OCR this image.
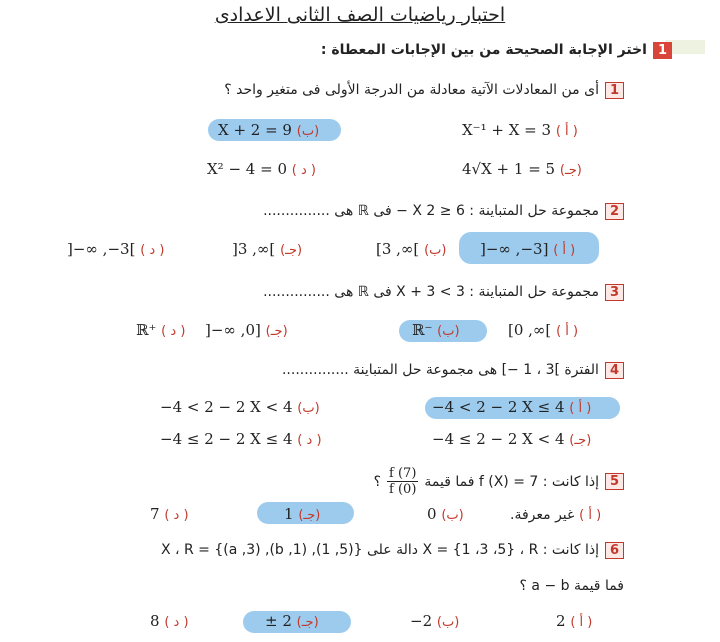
احتبار رياضيات الصف الثانى الاعدادى
1اختر الإجابة الصحيحة من بين الإجابات المعطاة :
1أى من المعادلات الآتية معادلة من الدرجة الأولى فى متغير واحد ؟
X⁻¹ + X = 3 ( أ )
X + 2 = 9 (ب)
4√X + 1 = 5 (جـ)
X² − 4 = 0 ( د )
2مجموعة حل المتباينة : 6 ≤ 2 X − فى ℝ هى ...............
]−∞ ,−3] ( أ )
[3 ,∞[ (ب)
]3 ,∞[ (جـ)
]−∞ ,−3[ ( د )
3مجموعة حل المتباينة : 3 > X + 3 فى ℝ هى ...............
[0 ,∞[ ( أ )
ℝ⁻ (ب)
]−∞ ,0] (جـ)
ℝ⁺ ( د )
4الفترة ]3 ، 1 −] هى مجموعة حل المتباينة ...............
−4 < 2 − 2 X ≤ 4 ( أ )
−4 < 2 − 2 X < 4 (ب)
−4 ≤ 2 − 2 X < 4 (جـ)
−4 ≤ 2 − 2 X ≤ 4 ( د )
5
إذا كانت : f (X) = 7 فما قيمة
f (7)
f (0)
؟
( أ ) غير معرفة.
0 (ب)
1 (جـ)
7 ( د )
6إذا كانت : X = {1 ،3 ،5} ، R دالة على X ، R = {(a ,3) ,(b ,1) ,(1 ,5)}
فما قيمة a − b ؟
2 ( أ )
−2 (ب)
± 2 (جـ)
8 ( د )
